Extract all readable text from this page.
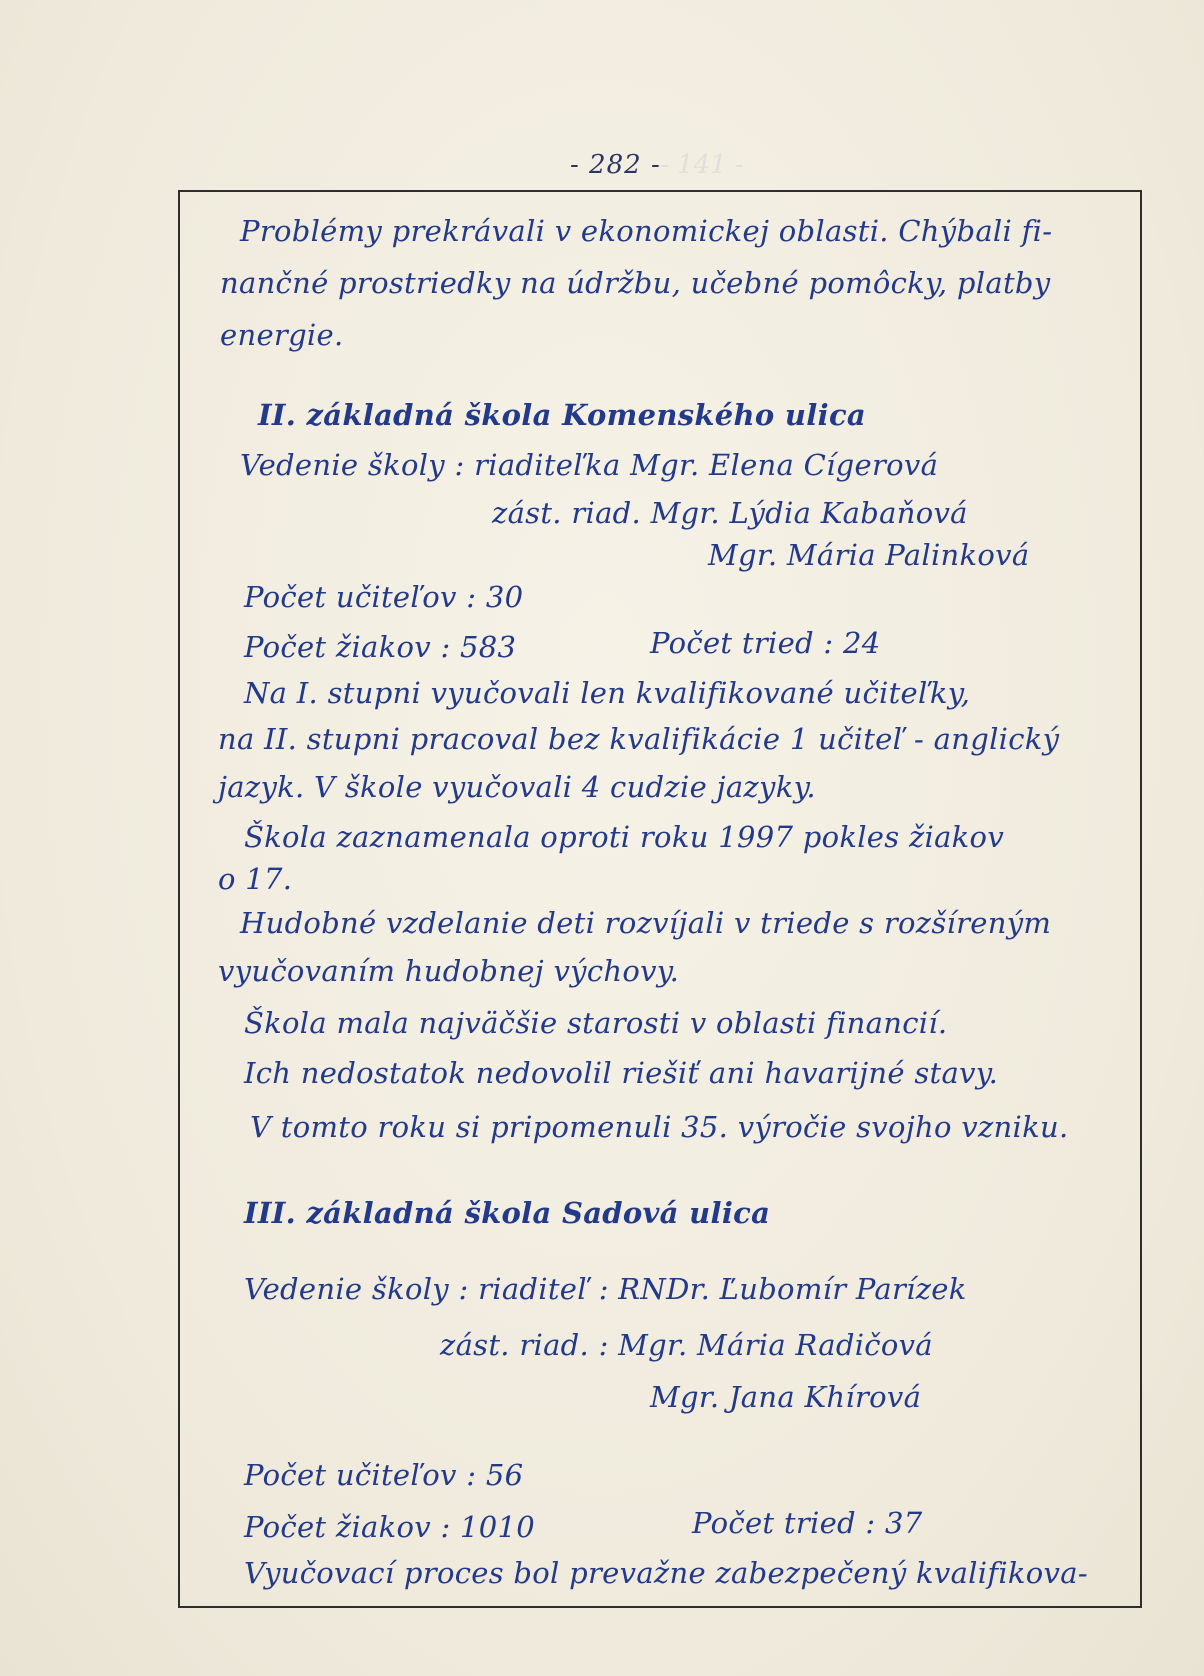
- 141 -
- 282 -
Problémy prekrávali v ekonomickej oblasti. Chýbali fi-
nančné prostriedky na údržbu, učebné pomôcky, platby
energie.
II. základná škola Komenského ulica
Vedenie školy : riaditeľka Mgr. Elena Cígerová
zást. riad. Mgr. Lýdia Kabaňová
Mgr. Mária Palinková
Počet učiteľov : 30
Počet žiakov : 583	Počet tried : 24
Na I. stupni vyučovali len kvalifikované učiteľky,
na II. stupni pracoval bez kvalifikácie 1 učiteľ - anglický
jazyk. V škole vyučovali 4 cudzie jazyky.
Škola zaznamenala oproti roku 1997 pokles žiakov
o 17.
Hudobné vzdelanie deti rozvíjali v triede s rozšíreným
vyučovaním hudobnej výchovy.
Škola mala najväčšie starosti v oblasti financií.
Ich nedostatok nedovolil riešiť ani havarijné stavy.
V tomto roku si pripomenuli 35. výročie svojho vzniku.
III. základná škola Sadová ulica
Vedenie školy : riaditeľ : RNDr. Ľubomír Parízek
zást. riad. : Mgr. Mária Radičová
Mgr. Jana Khírová
Počet učiteľov : 56
Počet žiakov : 1010	Počet tried : 37
Vyučovací proces bol prevažne zabezpečený kvalifikova-
